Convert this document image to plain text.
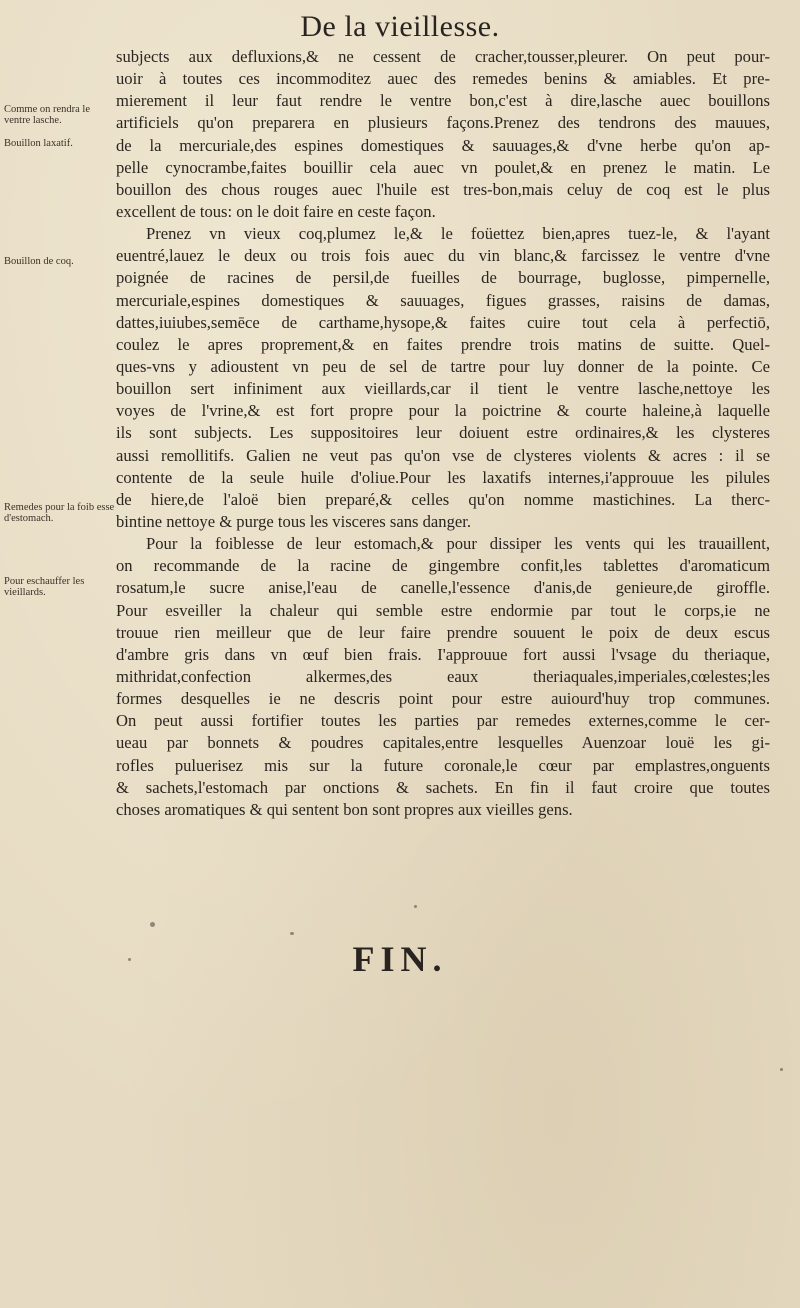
De la vieillesse.
Comme on rendra le ventre lasche.
Bouillon laxatif.
Bouillon de coq.
Remedes pour la foib esse d'estomach.
Pour eschauffer les vieillards.
subjects aux defluxions,& ne cessent de cracher,tousser,pleurer. On peut pour-
uoir à toutes ces incommoditez auec des remedes benins & amiables. Et pre-
mierement il leur faut rendre le ventre bon,c'est à dire,lasche auec bouillons
artificiels qu'on preparera en plusieurs façons.Prenez des tendrons des mauues,
de la mercuriale,des espines domestiques & sauuages,& d'vne herbe qu'on ap-
pelle cynocrambe,faites bouillir cela auec vn poulet,& en prenez le matin. Le
bouillon des chous rouges auec l'huile est tres-bon,mais celuy de coq est le plus
excellent de tous: on le doit faire en ceste façon.
Prenez vn vieux coq,plumez le,& le foüettez bien,apres tuez-le, & l'ayant
euentré,lauez le deux ou trois fois auec du vin blanc,& farcissez le ventre d'vne
poignée de racines de persil,de fueilles de bourrage, buglosse, pimpernelle,
mercuriale,espines domestiques & sauuages, figues grasses, raisins de damas,
dattes,iuiubes,semēce de carthame,hysope,& faites cuire tout cela à perfectiō,
coulez le apres proprement,& en faites prendre trois matins de suitte. Quel-
ques-vns y adioustent vn peu de sel de tartre pour luy donner de la pointe. Ce
bouillon sert infiniment aux vieillards,car il tient le ventre lasche,nettoye les
voyes de l'vrine,& est fort propre pour la poictrine & courte haleine,à laquelle
ils sont subjects. Les suppositoires leur doiuent estre ordinaires,& les clysteres
aussi remollitifs. Galien ne veut pas qu'on vse de clysteres violents & acres : il se
contente de la seule huile d'oliue.Pour les laxatifs internes,i'approuue les pilules
de hiere,de l'aloë bien preparé,& celles qu'on nomme mastichines. La therc-
bintine nettoye & purge tous les visceres sans danger.
Pour la foiblesse de leur estomach,& pour dissiper les vents qui les trauaillent,
on recommande de la racine de gingembre confit,les tablettes d'aromaticum
rosatum,le sucre anise,l'eau de canelle,l'essence d'anis,de genieure,de giroffle.
Pour esveiller la chaleur qui semble estre endormie par tout le corps,ie ne
trouue rien meilleur que de leur faire prendre souuent le poix de deux escus
d'ambre gris dans vn œuf bien frais. I'approuue fort aussi l'vsage du theriaque,
mithridat,confection alkermes,des eaux theriaquales,imperiales,cœlestes;les
formes desquelles ie ne descris point pour estre auiourd'huy trop communes.
On peut aussi fortifier toutes les parties par remedes externes,comme le cer-
ueau par bonnets & poudres capitales,entre lesquelles Auenzoar louë les gi-
rofles puluerisez mis sur la future coronale,le cœur par emplastres,onguents
& sachets,l'estomach par onctions & sachets. En fin il faut croire que toutes
choses aromatiques & qui sentent bon sont propres aux vieilles gens.
FIN.
